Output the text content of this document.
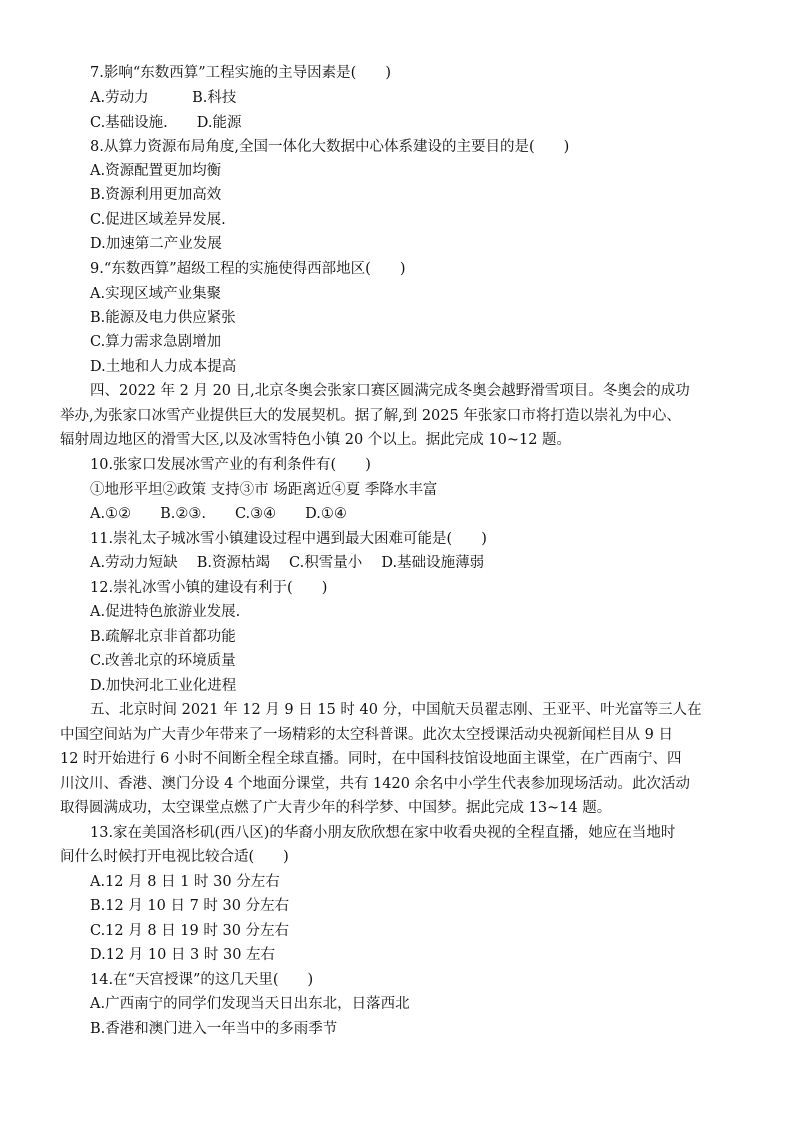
7.影响“东数西算”工程实施的主导因素是(　　)
A.劳动力　　　B.科技
C.基础设施.　　D.能源
8.从算力资源布局角度,全国一体化大数据中心体系建设的主要目的是(　　)
A.资源配置更加均衡
B.资源利用更加高效
C.促进区域差异发展.
D.加速第二产业发展
9.“东数西算”超级工程的实施使得西部地区(　　)
A.实现区域产业集聚
B.能源及电力供应紧张
C.算力需求急剧增加
D.土地和人力成本提高
四、2022 年 2 月 20 日,北京冬奥会张家口赛区圆满完成冬奥会越野滑雪项目。冬奥会的成功
举办,为张家口冰雪产业提供巨大的发展契机。据了解,到 2025 年张家口市将打造以崇礼为中心、
辐射周边地区的滑雪大区,以及冰雪特色小镇 20 个以上。据此完成 10~12 题。
10.张家口发展冰雪产业的有利条件有(　　)
①地形平坦②政策 支持③市 场距离近④夏 季降水丰富
A.①②　　B.②③.　　C.③④　　D.①④
11.崇礼太子城冰雪小镇建设过程中遇到最大困难可能是(　　)
A.劳动力短缺　 B.资源枯竭　 C.积雪量小　 D.基础设施薄弱
12.崇礼冰雪小镇的建设有利于(　　)
A.促进特色旅游业发展.
B.疏解北京非首都功能
C.改善北京的环境质量
D.加快河北工业化进程
五、北京时间 2021 年 12 月 9 日 15 时 40 分，中国航天员翟志刚、王亚平、叶光富等三人在
中国空间站为广大青少年带来了一场精彩的太空科普课。此次太空授课活动央视新闻栏目从 9 日
12 时开始进行 6 小时不间断全程全球直播。同时，在中国科技馆设地面主课堂，在广西南宁、四
川汶川、香港、澳门分设 4 个地面分课堂，共有 1420 余名中小学生代表参加现场活动。此次活动
取得圆满成功，太空课堂点燃了广大青少年的科学梦、中国梦。据此完成 13~14 题。
13.家在美国洛杉矶(西八区)的华裔小朋友欣欣想在家中收看央视的全程直播，她应在当地时
间什么时候打开电视比较合适(　　)
A.12 月 8 日 1 时 30 分左右
B.12 月 10 日 7 时 30 分左右
C.12 月 8 日 19 时 30 分左右
D.12 月 10 日 3 时 30 左右
14.在“天宫授课”的这几天里(　　)
A.广西南宁的同学们发现当天日出东北，日落西北
B.香港和澳门进入一年当中的多雨季节
